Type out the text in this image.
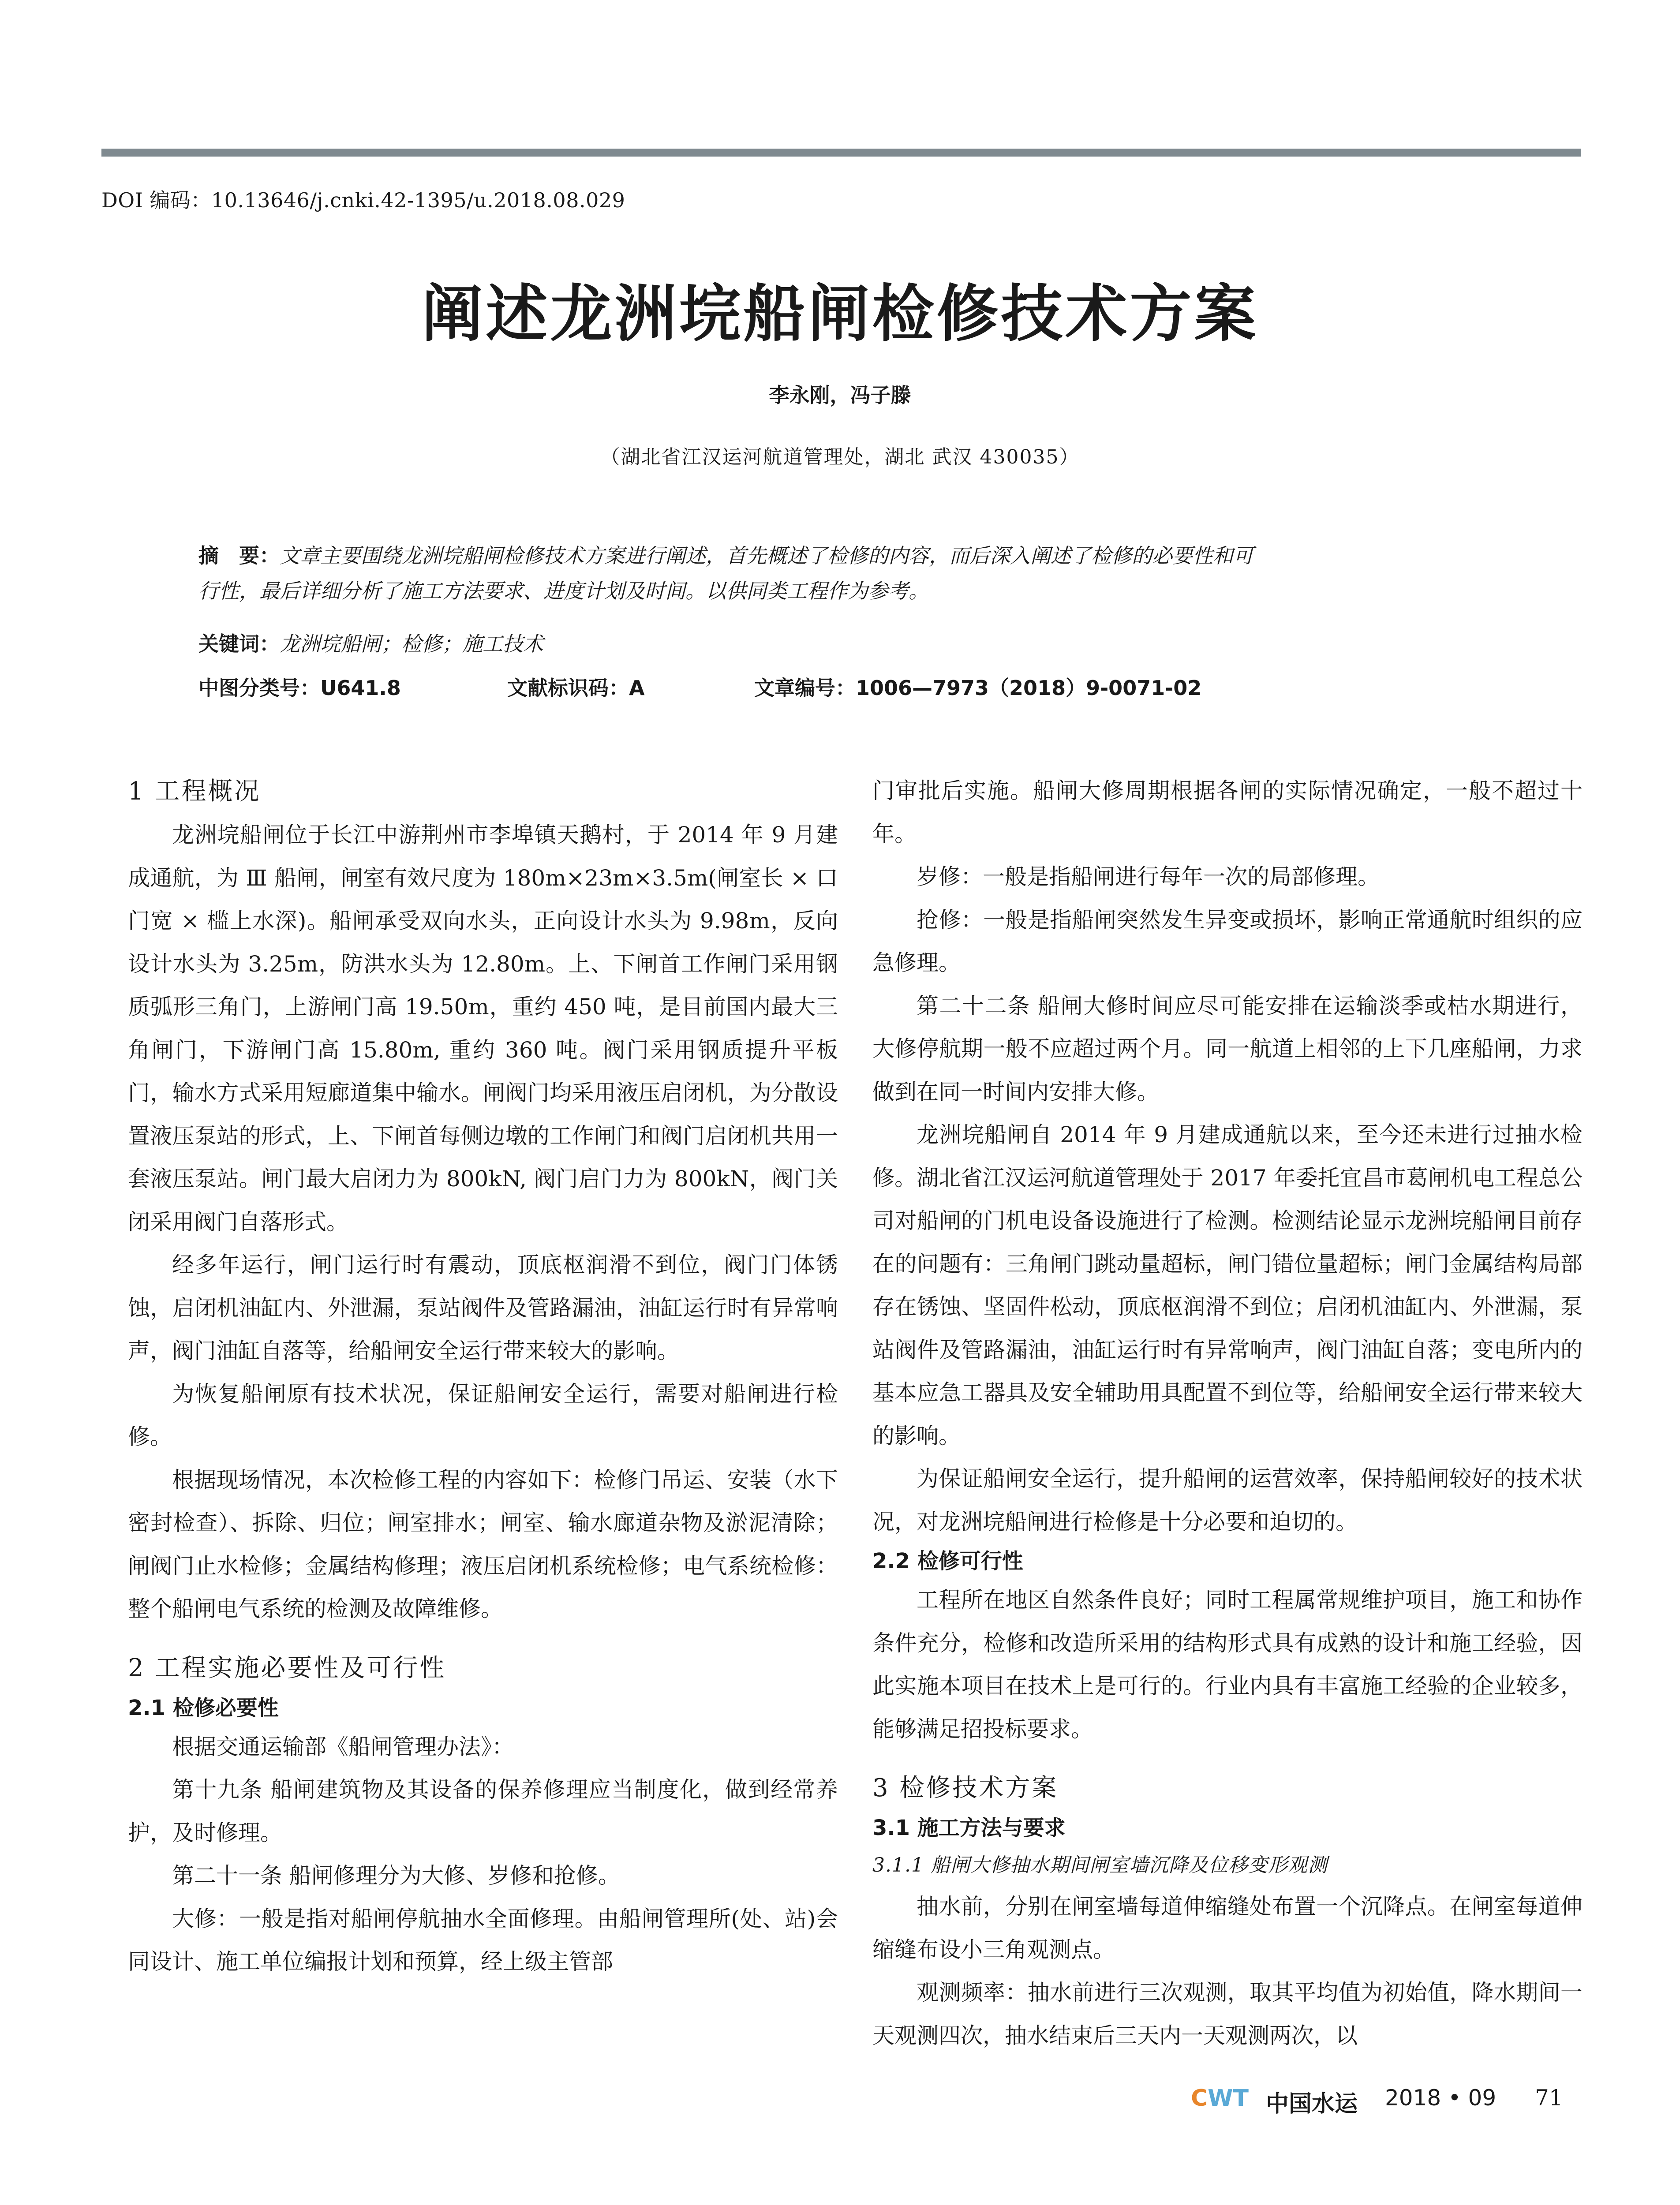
DOI 编码：10.13646/j.cnki.42-1395/u.2018.08.029
阐述龙洲垸船闸检修技术方案
李永刚，冯子滕
（湖北省江汉运河航道管理处，湖北 武汉 430035）
摘　要：文章主要围绕龙洲垸船闸检修技术方案进行阐述，首先概述了检修的内容，而后深入阐述了检修的必要性和可
行性，最后详细分析了施工方法要求、进度计划及时间。以供同类工程作为参考。
关键词：龙洲垸船闸；检修；施工技术
中图分类号：U641.8	文献标识码：A	文章编号：1006—7973（2018）9-0071-02

1 工程概况

龙洲垸船闸位于长江中游荆州市李埠镇天鹅村，于 2014 年 9 月建成通航，为 Ⅲ 船闸，闸室有效尺度为 180m×23m×3.5m(闸室长 × 口门宽 × 槛上水深)。船闸承受双向水头，正向设计水头为 9.98m，反向设计水头为 3.25m，防洪水头为 12.80m。上、下闸首工作闸门采用钢质弧形三角门，上游闸门高 19.50m，重约 450 吨，是目前国内最大三角闸门，下游闸门高 15.80m, 重约 360 吨。阀门采用钢质提升平板门，输水方式采用短廊道集中输水。闸阀门均采用液压启闭机，为分散设置液压泵站的形式，上、下闸首每侧边墩的工作闸门和阀门启闭机共用一套液压泵站。闸门最大启闭力为 800kN, 阀门启门力为 800kN，阀门关闭采用阀门自落形式。

经多年运行，闸门运行时有震动，顶底枢润滑不到位，阀门门体锈蚀，启闭机油缸内、外泄漏，泵站阀件及管路漏油，油缸运行时有异常响声，阀门油缸自落等，给船闸安全运行带来较大的影响。

为恢复船闸原有技术状况，保证船闸安全运行，需要对船闸进行检修。

根据现场情况，本次检修工程的内容如下：检修门吊运、安装（水下密封检查）、拆除、归位；闸室排水；闸室、输水廊道杂物及淤泥清除；闸阀门止水检修；金属结构修理；液压启闭机系统检修；电气系统检修：整个船闸电气系统的检测及故障维修。

2 工程实施必要性及可行性

2.1 检修必要性

根据交通运输部《船闸管理办法》：

第十九条 船闸建筑物及其设备的保养修理应当制度化，做到经常养护，及时修理。

第二十一条 船闸修理分为大修、岁修和抢修。

大修：一般是指对船闸停航抽水全面修理。由船闸管理所(处、站)会同设计、施工单位编报计划和预算，经上级主管部

门审批后实施。船闸大修周期根据各闸的实际情况确定，一般不超过十年。

岁修：一般是指船闸进行每年一次的局部修理。

抢修：一般是指船闸突然发生异变或损坏，影响正常通航时组织的应急修理。

第二十二条 船闸大修时间应尽可能安排在运输淡季或枯水期进行，大修停航期一般不应超过两个月。同一航道上相邻的上下几座船闸，力求做到在同一时间内安排大修。

龙洲垸船闸自 2014 年 9 月建成通航以来，至今还未进行过抽水检修。湖北省江汉运河航道管理处于 2017 年委托宜昌市葛闸机电工程总公司对船闸的门机电设备设施进行了检测。检测结论显示龙洲垸船闸目前存在的问题有：三角闸门跳动量超标，闸门错位量超标；闸门金属结构局部存在锈蚀、坚固件松动，顶底枢润滑不到位；启闭机油缸内、外泄漏，泵站阀件及管路漏油，油缸运行时有异常响声，阀门油缸自落；变电所内的基本应急工器具及安全辅助用具配置不到位等，给船闸安全运行带来较大的影响。

为保证船闸安全运行，提升船闸的运营效率，保持船闸较好的技术状况，对龙洲垸船闸进行检修是十分必要和迫切的。

2.2 检修可行性

工程所在地区自然条件良好；同时工程属常规维护项目，施工和协作条件充分，检修和改造所采用的结构形式具有成熟的设计和施工经验，因此实施本项目在技术上是可行的。行业内具有丰富施工经验的企业较多，能够满足招投标要求。

3 检修技术方案

3.1 施工方法与要求

3.1.1 船闸大修抽水期间闸室墙沉降及位移变形观测

抽水前，分别在闸室墙每道伸缩缝处布置一个沉降点。在闸室每道伸缩缝布设小三角观测点。

观测频率：抽水前进行三次观测，取其平均值为初始值，降水期间一天观测四次，抽水结束后三天内一天观测两次，以

CWT 中国水运 2018 • 09 71
